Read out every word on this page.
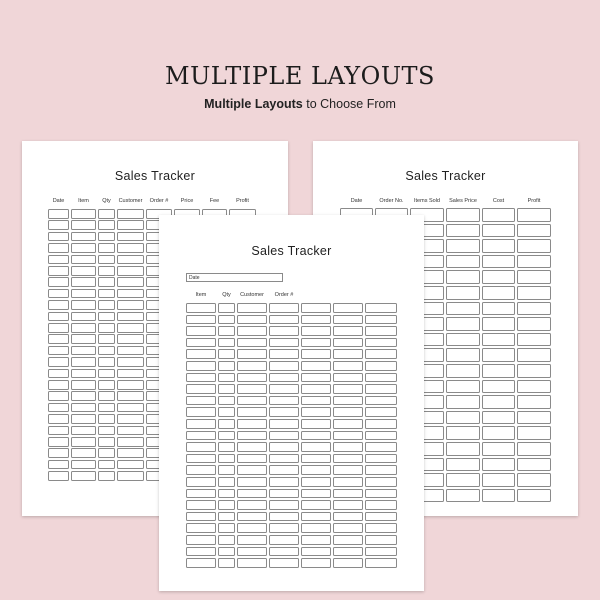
MULTIPLE LAYOUTS
Multiple Layouts to Choose From
Sales Tracker
Date	Item	Qty	Customer	Order #	Price	Fee	Profit
Sales Tracker
Date	Order No.	Items Sold	Sales Price	Cost	Profit
Sales Tracker
Date
Item	Qty	Customer	Order #
